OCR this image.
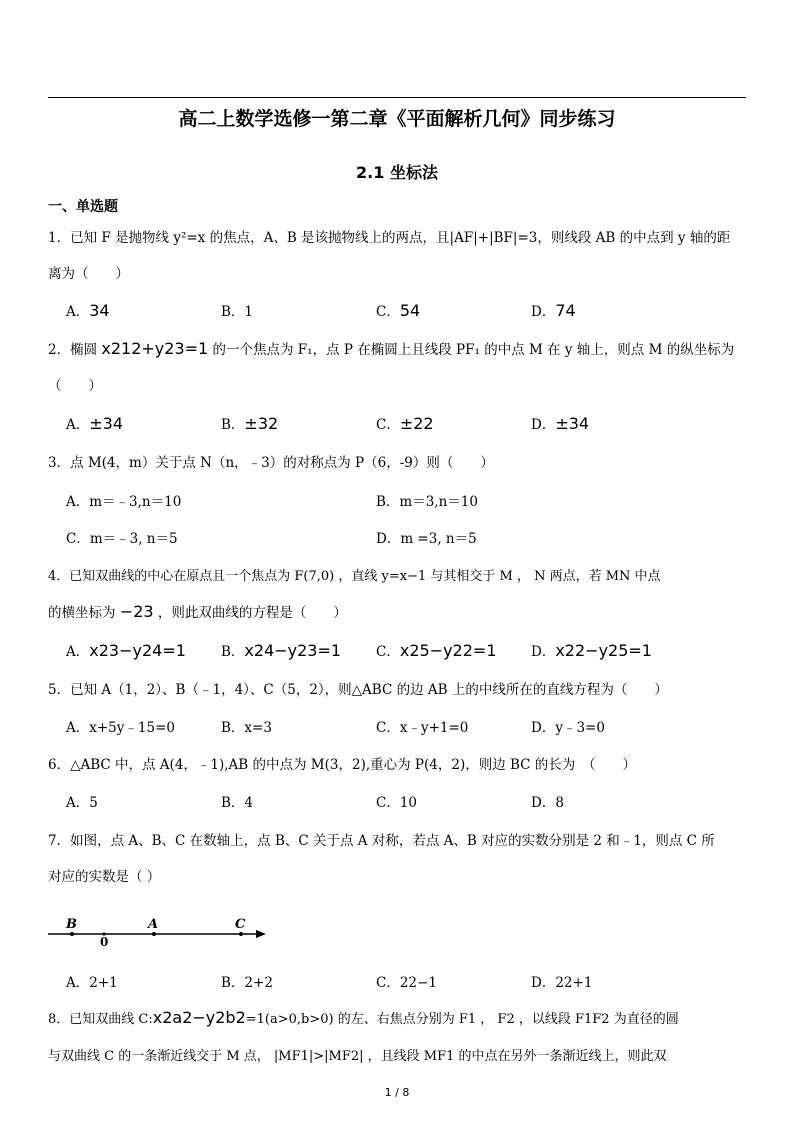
高二上数学选修一第二章《平面解析几何》同步练习
2.1 坐标法
一、单选题
1．已知 F 是抛物线 y²=x 的焦点，A、B 是该抛物线上的两点，且|AF|+|BF|=3，则线段 AB 的中点到 y 轴的距
离为（　　）
A．34	B．1	C．54	D．74
2．椭圆 x212+y23=1 的一个焦点为 F₁，点 P 在椭圆上且线段 PF₁ 的中点 M 在 y 轴上，则点 M 的纵坐标为
（　　）
A．±34	B．±32	C．±22	D．±34
3．点 M(4，m）关于点 N（n，﹣3）的对称点为 P（6，-9）则（　　）
A．m＝﹣3,n＝10	B．m＝3,n＝10
C．m＝﹣3, n＝5	D．m =3, n＝5
4．已知双曲线的中心在原点且一个焦点为 F(7,0) ，直线 y=x−1 与其相交于 M ， N 两点，若 MN 中点
的横坐标为 −23 ，则此双曲线的方程是（　　）
A．x23−y24=1	B．x24−y23=1	C．x25−y22=1	D．x22−y25=1
5．已知 A（1，2）、B（﹣1，4）、C（5，2），则△ABC 的边 AB 上的中线所在的直线方程为（　　）
A．x+5y﹣15=0	B．x=3	C．x﹣y+1=0	D．y﹣3=0
6．△ABC 中，点 A(4，﹣1),AB 的中点为 M(3，2),重心为 P(4，2)，则边 BC 的长为　（　　）
A．5	B．4	C．10	D．8
7．如图，点 A、B、C 在数轴上，点 B、C 关于点 A 对称，若点 A、B 对应的实数分别是 2 和﹣1，则点 C 所
对应的实数是（ ）
B
0
A	C
A．2+1	B．2+2	C．22−1	D．22+1
8．已知双曲线 C:x2a2−y2b2=1(a>0,b>0) 的左、右焦点分别为 F1 ， F2 ，以线段 F1F2 为直径的圆
与双曲线 C 的一条渐近线交于 M 点， |MF1|>|MF2| ，且线段 MF1 的中点在另外一条渐近线上，则此双
1 / 8
